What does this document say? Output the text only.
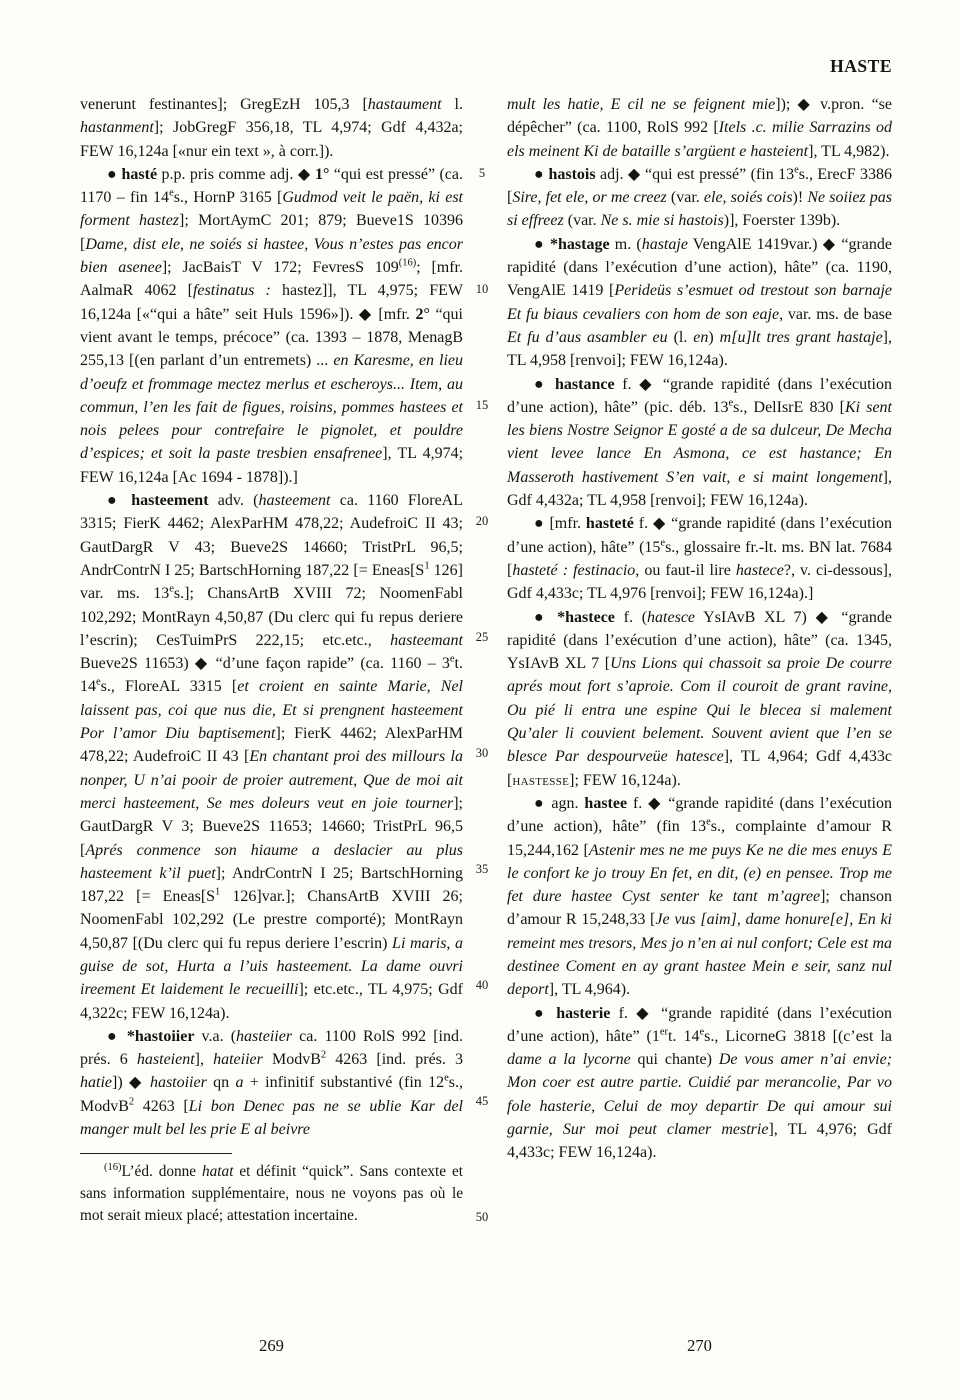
HASTE

venerunt festinantes]; GregEzH 105,3 [hastaument l. hastanment]; JobGregF 356,18, TL 4,974; Gdf 4,432a; FEW 16,124a [«nur ein text », à corr.]).

● hasté p.p. pris comme adj. ◆ 1° “qui est pressé” (ca. 1170 – fin 14es., HornP 3165 [Gudmod veit le paën, ki est forment hastez]; MortAymC 201; 879; Bueve1S 10396 [Dame, dist ele, ne soiés si hastee, Vous n’estes pas encor bien asenee]; JacBaisT V 172; FevresS 109$^{(16)}$; [mfr. AalmaR 4062 [festinatus : hastez]], TL 4,975; FEW 16,124a [«“qui a hâte” seit Huls 1596»]). ◆ [mfr. 2° “qui vient avant le temps, précoce” (ca. 1393 – 1878, MenagB 255,13 [(en parlant d’un entremets) ... en Karesme, en lieu d’oeufz et frommage mectez merlus et escheroys... Item, au commun, l’en les fait de figues, roisins, pommes hastees et nois pelees pour contrefaire le pignolet, et pouldre d’espices; et soit la paste tresbien ensafrenee], TL 4,974; FEW 16,124a [Ac 1694 - 1878]).]

● hasteement adv. (hasteement ca. 1160 FloreAL 3315; FierK 4462; AlexParHM 478,22; AudefroiC II 43; GautDargR V 43; Bueve2S 14660; TristPrL 96,5; AndrContrN I 25; BartschHorning 187,22 [= $Eneas[S^1$ 126] var. ms. 13es.]; ChansArtB XVIII 72; NoomenFabl 102,292; MontRayn 4,50,87 (Du clerc qui fu repus deriere l’escrin); CesTuimPrS 222,15; etc.etc., hasteemant Bueve2S 11653) ◆ “d’une façon rapide” (ca. 1160 – 3et. 14es., FloreAL 3315 [et croient en sainte Marie, Nel laissent pas, coi que nus die, Et si prengnent hasteement Por l’amor Diu baptisement]; FierK 4462; AlexParHM 478,22; AudefroiC II 43 [En chantant proi des millours la nonper, U n’ai pooir de proier autrement, Que de moi ait merci hasteement, Se mes doleurs veut en joie tourner]; GautDargR V 3; Bueve2S 11653; 14660; TristPrL 96,5 [Aprés conmence son hiaume a deslacier au plus hasteement k’il puet]; AndrContrN I 25; BartschHorning 187,22 [= $Eneas[S^1$ 126]var.]; ChansArtB XVIII 26; NoomenFabl 102,292 (Le prestre comporté); MontRayn 4,50,87 [(Du clerc qui fu repus deriere l’escrin) Li maris, a guise de sot, Hurta a l’uis hasteement. La dame ouvri ireement Et laidement le recueilli]; etc.etc., TL 4,975; Gdf 4,322c; FEW 16,124a).

● *hastoiier v.a. (hasteiier ca. 1100 RolS 992 [ind. prés. 6 hasteient], hateiier ModvB$^2$ 4263 [ind. prés. 3 hatie]) ◆ hastoiier qn a + infinitif substantivé (fin 12es., ModvB$^2$ 4263 [Li bon Denec pas ne se ublie Kar del manger mult bel les prie E al beivre

$^{(16)}$L’éd. donne hatat et définit “quick”. Sans contexte et sans information supplémentaire, nous ne voyons pas où le mot serait mieux placé; attestation incertaine.

5
10
15
20
25
30
35
40
45
50

mult les hatie, E cil ne se feignent mie]); ◆ v.pron. “se dépêcher” (ca. 1100, RolS 992 [Itels .c. milie Sarrazins od els meinent Ki de bataille s’argüent e hasteient], TL 4,982).

● hastois adj. ◆ “qui est pressé” (fin 13es., ErecF 3386 [Sire, fet ele, or me creez (var. ele, soiés cois)! Ne soiiez pas si effreez (var. Ne s. mie si hastois)], Foerster 139b).

● *hastage m. (hastaje VengAlE 1419var.) ◆ “grande rapidité (dans l’exécution d’une action), hâte” (ca. 1190, VengAlE 1419 [Perideüs s’esmuet od trestout son barnaje Et fu biaus cevaliers con hom de son eaje, var. ms. de base Et fu d’aus asambler eu (l. en) m[u]lt tres grant hastaje], TL 4,958 [renvoi]; FEW 16,124a).

● hastance f. ◆ “grande rapidité (dans l’exécution d’une action), hâte” (pic. déb. 13es., DelIsrE 830 [Ki sent les biens Nostre Seignor E gosté a de sa dulceur, De Mecha vient levee lance En Asmona, ce est hastance; En Masseroth hastivement S’en vait, e si maint longement], Gdf 4,432a; TL 4,958 [renvoi]; FEW 16,124a).

● [mfr. hasteté f. ◆ “grande rapidité (dans l’exécution d’une action), hâte” (15es., glossaire fr.-lt. ms. BN lat. 7684 [hasteté : festinacio, ou faut-il lire hastece?, v. ci-dessous], Gdf 4,433c; TL 4,976 [renvoi]; FEW 16,124a).]

● *hastece f. (hatesce YsIAvB XL 7) ◆ “grande rapidité (dans l’exécution d’une action), hâte” (ca. 1345, YsIAvB XL 7 [Uns Lions qui chassoit sa proie De courre aprés mout fort s’aproie. Com il couroit de grant ravine, Ou pié li entra une espine Qui le blecea si malement Qu’aler li couvient belement. Souvent avient que l’en se blesce Par despourveüe hatesce], TL 4,964; Gdf 4,433c [hastesse]; FEW 16,124a).

● agn. hastee f. ◆ “grande rapidité (dans l’exécution d’une action), hâte” (fin 13es., complainte d’amour R 15,244,162 [Astenir mes ne me puys Ke ne die mes enuys E le confort ke jo trouy En fet, en dit, (e) en pensee. Trop me fet dure hastee Cyst senter ke tant m’agree]; chanson d’amour R 15,248,33 [Je vus [aim], dame honure[e], En ki remeint mes tresors, Mes jo n’en ai nul confort; Cele est ma destinee Coment en ay grant hastee Mein e seir, sanz nul deport], TL 4,964).

● hasterie f. ◆ “grande rapidité (dans l’exécution d’une action), hâte” (1ert. 14es., LicorneG 3818 [(c’est la dame a la lycorne qui chante) De vous amer n’ai envie; Mon coer est autre partie. Cuidié par merancolie, Par vo fole hasterie, Celui de moy departir De qui amour sui garnie, Sur moi peut clamer mestrie], TL 4,976; Gdf 4,433c; FEW 16,124a).

269	270
